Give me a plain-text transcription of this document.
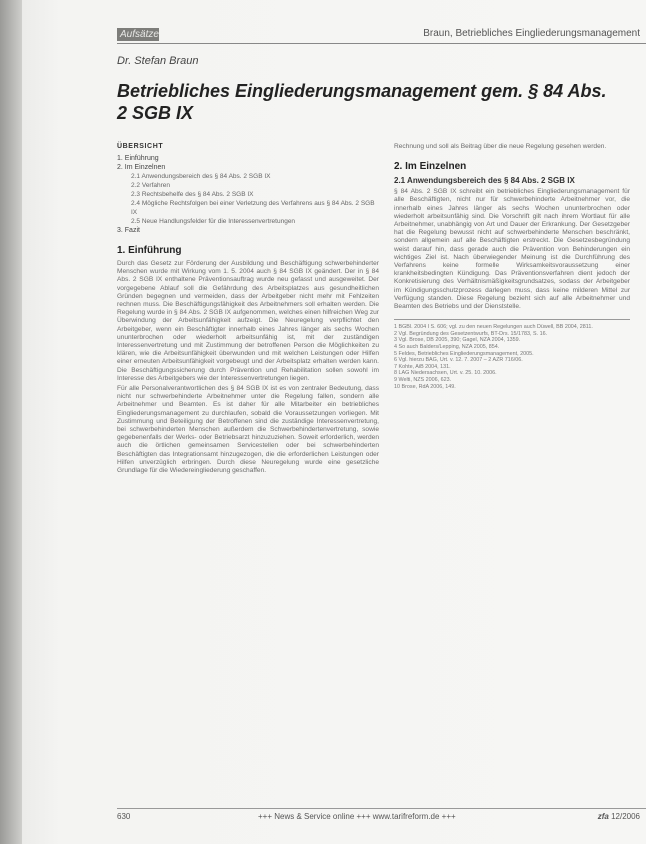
Aufsätze	Braun, Betriebliches Eingliederungsmanagement
Dr. Stefan Braun
Betriebliches Eingliederungsmanagement gem. § 84 Abs. 2 SGB IX
ÜBERSICHT
1. Einführung
2. Im Einzelnen
2.1 Anwendungsbereich des § 84 Abs. 2 SGB IX
2.2 Verfahren
2.3 Rechtsbehelfe des § 84 Abs. 2 SGB IX
2.4 Mögliche Rechtsfolgen bei einer Verletzung des Verfahrens aus § 84 Abs. 2 SGB IX
2.5 Neue Handlungsfelder für die Interessenvertretungen
3. Fazit
1. Einführung

Durch das Gesetz zur Förderung der Ausbildung und Beschäftigung schwerbehinderter Menschen wurde mit Wirkung vom 1. 5. 2004 auch § 84 SGB IX geändert. Der in § 84 Abs. 2 SGB IX enthaltene Präventionsauftrag wurde neu gefasst und ausgeweitet. Der vorgegebene Ablauf soll die Gefährdung des Arbeitsplatzes aus gesundheitlichen Gründen begegnen und vermeiden, dass der Arbeitgeber nicht mehr mit Fehlzeiten rechnen muss. Die Beschäftigungsfähigkeit des Arbeitnehmers soll erhalten werden. Die Regelung wurde in § 84 Abs. 2 SGB IX aufgenommen, welches einen hilfreichen Weg zur Überwindung der Arbeitsunfähigkeit aufzeigt. Die Neuregelung verpflichtet den Arbeitgeber, wenn ein Beschäftigter innerhalb eines Jahres länger als sechs Wochen ununterbrochen oder wiederholt arbeitsunfähig ist, mit der zuständigen Interessenvertretung und mit Zustimmung der betroffenen Person die Möglichkeiten zu klären, wie die Arbeitsunfähigkeit überwunden und mit welchen Leistungen oder Hilfen einer erneuten Arbeitsunfähigkeit vorgebeugt und der Arbeitsplatz erhalten werden kann. Die Beschäftigungssicherung durch Prävention und Rehabilitation sollen sowohl im Interesse des Arbeitgebers wie der Interessenvertretungen liegen.

Für alle Personalverantwortlichen des § 84 SGB IX ist es von zentraler Bedeutung, dass nicht nur schwerbehinderte Arbeitnehmer unter die Regelung fallen, sondern alle Arbeitnehmer und Beamten. Es ist daher für alle Mitarbeiter ein betriebliches Eingliederungsmanagement zu durchlaufen, sobald die Voraussetzungen vorliegen. Mit Zustimmung und Beteiligung der Betroffenen sind die zuständige Interessenvertretung, bei schwerbehinderten Menschen außerdem die Schwerbehindertenvertretung, sowie gegebenenfalls der Werks- oder Betriebsarzt hinzuzuziehen. Soweit erforderlich, werden auch die örtlichen gemeinsamen Servicestellen oder bei schwerbehinderten Beschäftigten das Integrationsamt hinzugezogen, die die erforderlichen Leistungen oder Hilfen unverzüglich erbringen. Durch diese Neuregelung wurde eine gesetzliche Grundlage für die Wiedereingliederung geschaffen.

Rechnung und soll als Beitrag über die neue Regelung gesehen werden.

2. Im Einzelnen
2.1 Anwendungsbereich des § 84 Abs. 2 SGB IX

§ 84 Abs. 2 SGB IX schreibt ein betriebliches Eingliederungsmanagement für alle Beschäftigten, nicht nur für schwerbehinderte Arbeitnehmer vor, die innerhalb eines Jahres länger als sechs Wochen ununterbrochen oder wiederholt arbeitsunfähig sind. Die Vorschrift gilt nach ihrem Wortlaut für alle Arbeitnehmer, unabhängig von Art und Dauer der Erkrankung. Der Gesetzgeber hat die Regelung bewusst nicht auf schwerbehinderte Menschen beschränkt, sondern allgemein auf alle Beschäftigten erstreckt. Die Gesetzesbegründung weist darauf hin, dass gerade auch die Prävention von Behinderungen ein wichtiges Ziel ist. Nach überwiegender Meinung ist die Durchführung des Verfahrens keine formelle Wirksamkeitsvoraussetzung einer krankheitsbedingten Kündigung. Das Präventionsverfahren dient jedoch der Konkretisierung des Verhältnismäßigkeitsgrundsatzes, sodass der Arbeitgeber im Kündigungsschutzprozess darlegen muss, dass keine milderen Mittel zur Verfügung standen. Diese Regelung bezieht sich auf alle Arbeitnehmer und Beamten des Betriebs und der Dienststelle.

1 BGBl. 2004 I S. 606; vgl. zu den neuen Regelungen auch Düwell, BB 2004, 2811.
2 Vgl. Begründung des Gesetzentwurfs, BT-Drs. 15/1783, S. 16.
3 Vgl. Brose, DB 2005, 390; Gagel, NZA 2004, 1359.
4 So auch Balders/Lepping, NZA 2005, 854.
5 Feldes, Betriebliches Eingliederungsmanagement, 2005.
6 Vgl. hierzu BAG, Urt. v. 12. 7. 2007 – 2 AZR 716/06.
7 Kohte, AiB 2004, 131.
8 LAG Niedersachsen, Urt. v. 25. 10. 2006.
9 Welti, NZS 2006, 623.
10 Brose, RdA 2006, 149.
630	+++ News & Service online +++ www.tarifreform.de +++	zfa 12/2006
